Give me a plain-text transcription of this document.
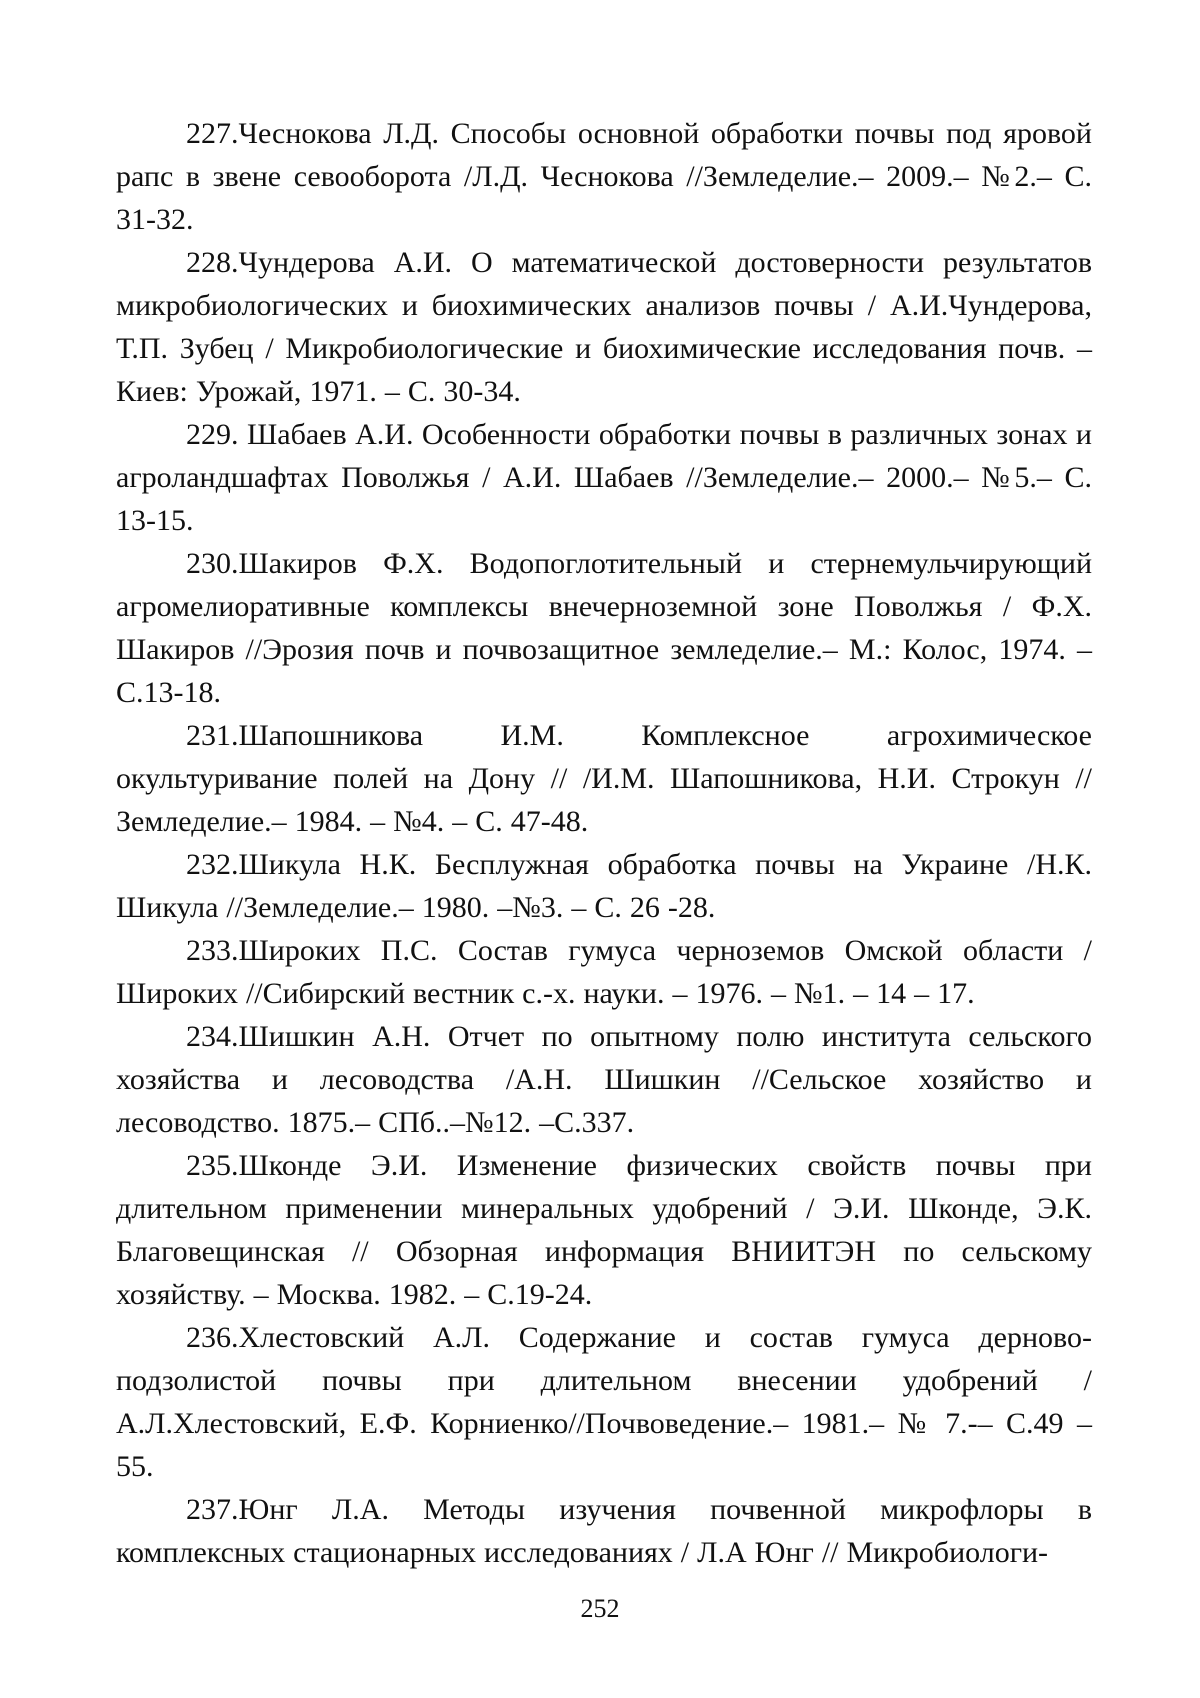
227.Чеснокова Л.Д. Способы основной обработки почвы под яровой рапс в звене севооборота /Л.Д. Чеснокова //Земледелие.– 2009.– №2.– С. 31-32.

228.Чундерова А.И. О математической достоверности результатов микробиологических и биохимических анализов почвы / А.И.Чундерова, Т.П. Зубец / Микробиологические и биохимические исследования почв. – Киев: Урожай, 1971. – С. 30-34.

229. Шабаев А.И. Особенности обработки почвы в различных зонах и агроландшафтах Поволжья / А.И. Шабаев //Земледелие.– 2000.– №5.– С. 13-15.

230.Шакиров Ф.Х. Водопоглотительный и стернемульчирующий агромелиоративные комплексы внечерноземной зоне Поволжья / Ф.Х. Шакиров //Эрозия почв и почвозащитное земледелие.– М.: Колос, 1974. – С.13-18.

231.Шапошникова И.М. Комплексное агрохимическое окультуривание полей на Дону // /И.М. Шапошникова, Н.И. Строкун //Земледелие.– 1984. – №4. – С. 47-48.

232.Шикула Н.К. Бесплужная обработка почвы на Украине /Н.К. Шикула //Земледелие.– 1980. –№3. – С. 26 -28.

233.Широких П.С. Состав гумуса черноземов Омской области / Широких //Сибирский вестник с.-х. науки. – 1976. – №1. – 14 – 17.

234.Шишкин А.Н. Отчет по опытному полю института сельского хозяйства и лесоводства /А.Н. Шишкин //Сельское хозяйство и лесоводство. 1875.– СПб..–№12. –С.337.

235.Шконде Э.И. Изменение физических свойств почвы при длительном применении минеральных удобрений / Э.И. Шконде, Э.К. Благовещинская // Обзорная информация ВНИИТЭН по сельскому хозяйству. – Москва. 1982. – С.19-24.

236.Хлестовский А.Л. Содержание и состав гумуса дерново-подзолистой почвы при длительном внесении удобрений / А.Л.Хлестовский, Е.Ф. Корниенко//Почвоведение.– 1981.– № 7.-– С.49 – 55.

237.Юнг Л.А. Методы изучения почвенной микрофлоры в комплексных стационарных исследованиях / Л.А Юнг // Микробиологи-

252
